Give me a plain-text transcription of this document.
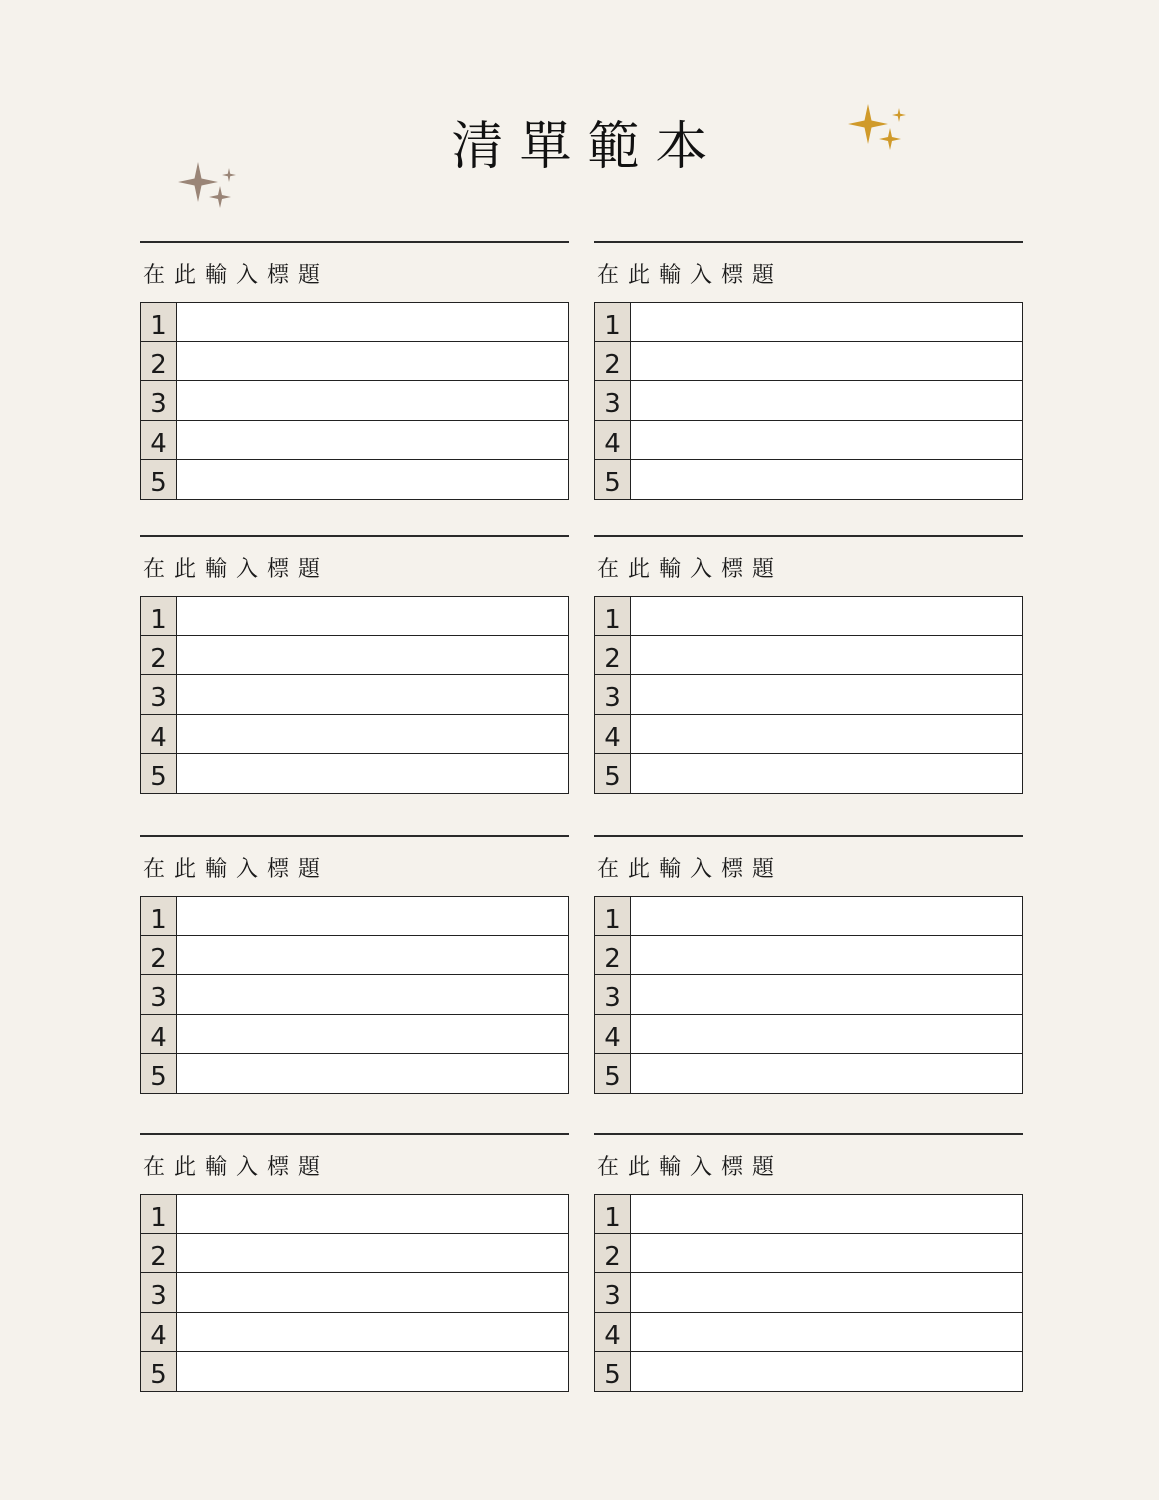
清單範本
在此輸入標題
1
2
3
4
5
在此輸入標題
1
2
3
4
5
在此輸入標題
1
2
3
4
5
在此輸入標題
1
2
3
4
5
在此輸入標題
1
2
3
4
5
在此輸入標題
1
2
3
4
5
在此輸入標題
1
2
3
4
5
在此輸入標題
1
2
3
4
5
